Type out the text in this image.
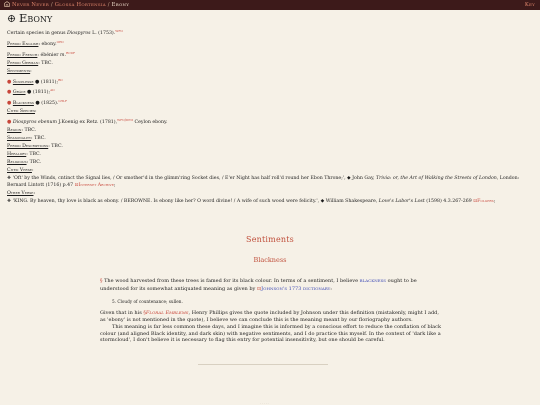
Never Never / Glossa Hortensia / Ebony	Key
Ebony
Certain species in genus Diospyros L. (1753).$^{wfo}$
Period English: ebony.$^{oed}$
Period French: ébénier m.$^{rcdf}$
Period German: TBC.
Sentiments:
● Souplesse ● (1811);$^{bd}$
● Grâce ● (1811);$^{ad}$
● Blackness ● (1825).$^{lhlf}$
Cited Species:
● Diospyros ebenum J.Koenig ex Retz. (1781),$^{wfo/ipni}$ Ceylon ebony.
Region: TBC.
Seasonality: TBC.
Period Descriptions: TBC.
Heraldry: TBC.
Religious: TBC.
Cited Verse:
❖ 'Oft' by the Winds, cntinct the Signal lies, / Or smother'd in the glimm'ring Socket dies, / E'er Night has half roll'd round her Ebon Throne;', ◆ John Gay, Trivia: or, the Art of Walking the Streets of London, London: Bernard Lintott (1716) p.47 ⊡Internet Archive;
Other Verse:
❖ 'KING. By heaven, thy love is black as ebony. / BEROWNE. Is ebony like her? O word divine! / A wife of such wood were felicity.', ◆ William Shakespeare, Love's Labor's Lost (1598) 4.3.267-269 ⊡Folgers;
Sentiments
Blackness

§ The wood harvested from these trees is famed for its black colour. In terms of a sentiment, I believe blackness ought to be understood for its somewhat antiquated meaning as given by ⊡Johnson's 1773 dictionary:

5. Cloudy of countenance; sullen.

Given that in his §Floral Emblems, Henry Phillips gives the quote included by Johnson under this definition (mistakenly, might I add, as 'ebony' is not mentioned in the quote), I believe we can conclude this is the meaning meant by our floriography authors.

This meaning is far less common these days, and I imagine this is informed by a conscious effort to reduce the conflation of black colour (and aligned Black identity, and dark skin) with negative sentiments, and I do practice this myself. In the context of 'dark like a stormcloud', I don't believe it is necessary to flag this entry for potential insensitivity, but one should be careful.

· · · · ·
